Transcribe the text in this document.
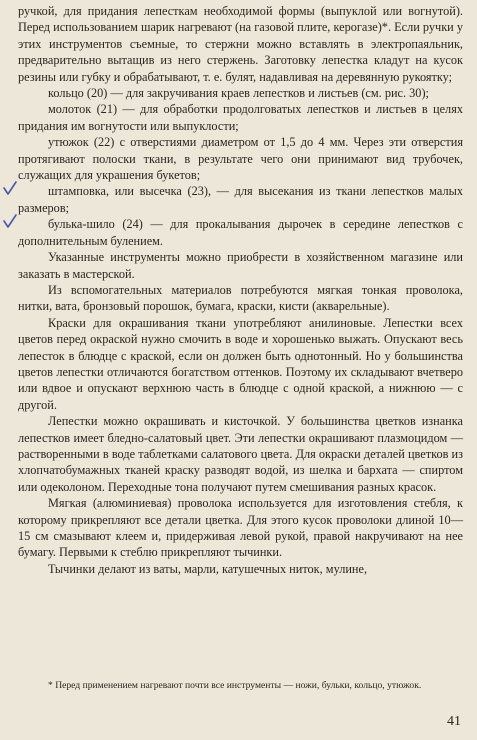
ручкой, для придания лепесткам необходимой формы (выпуклой или вогнутой). Перед использованием шарик нагревают (на газовой плите, керогазе)*. Если ручки у этих инструментов съемные, то стержни можно вставлять в электропаяльник, предварительно вытащив из него стержень. Заготовку лепестка кладут на кусок резины или губку и обрабатывают, т. е. булят, надавливая на деревянную рукоятку;

кольцо (20) — для закручивания краев лепестков и листьев (см. рис. 30);

молоток (21) — для обработки продолговатых лепестков и листьев в целях придания им вогнутости или выпуклости;

утюжок (22) с отверстиями диаметром от 1,5 до 4 мм. Через эти отверстия протягивают полоски ткани, в результате чего они принимают вид трубочек, служащих для украшения букетов;

штамповка, или высечка (23), — для высекания из ткани лепестков малых размеров;

булька-шило (24) — для прокалывания дырочек в середине лепестков с дополнительным булением.

Указанные инструменты можно приобрести в хозяйственном магазине или заказать в мастерской.

Из вспомогательных материалов потребуются мягкая тонкая проволока, нитки, вата, бронзовый порошок, бумага, краски, кисти (акварельные).

Краски для окрашивания ткани употребляют анилиновые. Лепестки всех цветов перед окраской нужно смочить в воде и хорошенько выжать. Опускают весь лепесток в блюдце с краской, если он должен быть однотонный. Но у большинства цветов лепестки отличаются богатством оттенков. Поэтому их складывают вчетверо или вдвое и опускают верхнюю часть в блюдце с одной краской, а нижнюю — с другой.

Лепестки можно окрашивать и кисточкой. У большинства цветков изнанка лепестков имеет бледно-салатовый цвет. Эти лепестки окрашивают плазмоцидом — растворенными в воде таблетками салатового цвета. Для окраски деталей цветков из хлопчатобумажных тканей краску разводят водой, из шелка и бархата — спиртом или одеколоном. Переходные тона получают путем смешивания разных красок.

Мягкая (алюминиевая) проволока используется для изготовления стебля, к которому прикрепляют все детали цветка. Для этого кусок проволоки длиной 10—15 см смазывают клеем и, придерживая левой рукой, правой накручивают на нее бумагу. Первыми к стеблю прикрепляют тычинки.

Тычинки делают из ваты, марли, катушечных ниток, мулине,

* Перед применением нагревают почти все инструменты — ножи, бульки, кольцо, утюжок.

41
